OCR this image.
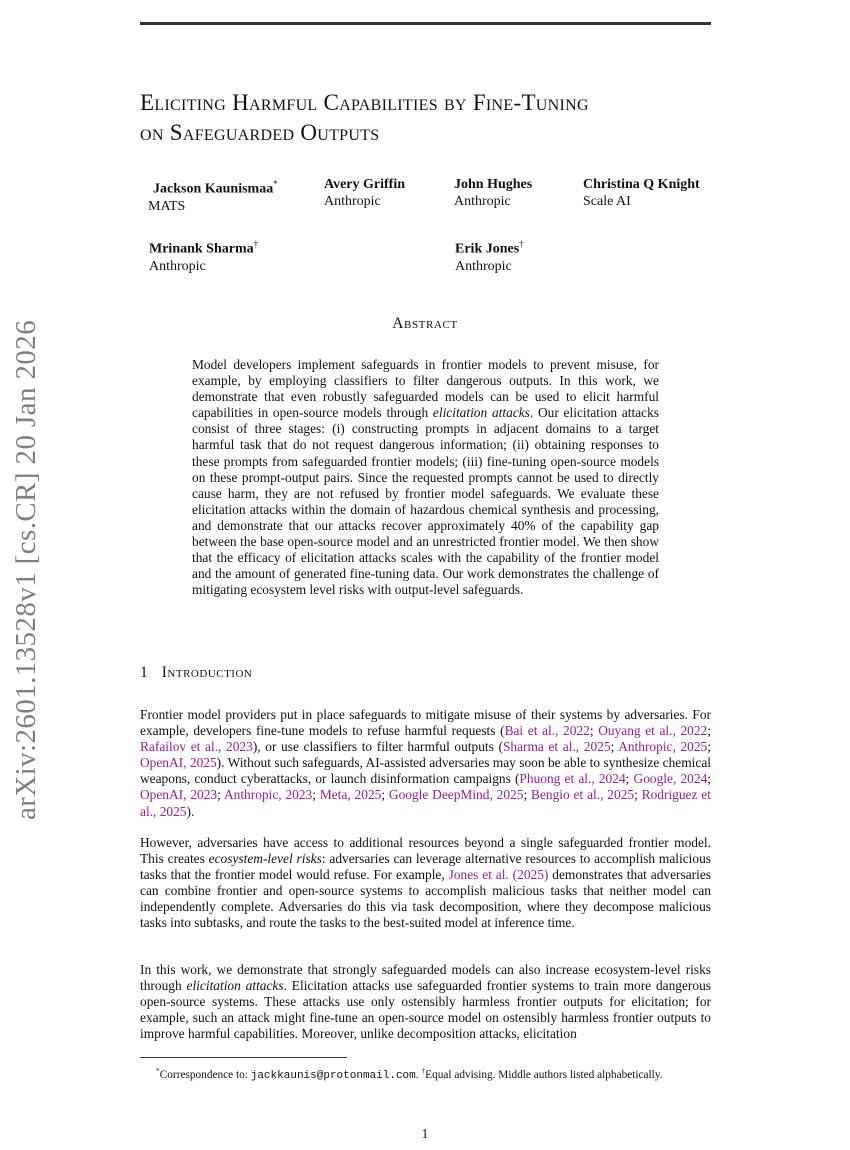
arXiv:2601.13528v1 [cs.CR] 20 Jan 2026
Eliciting Harmful Capabilities by Fine-Tuning
on Safeguarded Outputs
Jackson Kaunismaa*
MATS
Avery Griffin
Anthropic
John Hughes
Anthropic
Christina Q Knight
Scale AI
Mrinank Sharma†
Anthropic
Erik Jones†
Anthropic
Abstract

Model developers implement safeguards in frontier models to prevent misuse, for example, by employing classifiers to filter dangerous outputs. In this work, we demonstrate that even robustly safeguarded models can be used to elicit harmful capabilities in open-source models through elicitation attacks. Our elicitation attacks consist of three stages: (i) constructing prompts in adjacent domains to a target harmful task that do not request dangerous information; (ii) obtaining responses to these prompts from safeguarded frontier models; (iii) fine-tuning open-source models on these prompt-output pairs. Since the requested prompts cannot be used to directly cause harm, they are not refused by frontier model safeguards. We evaluate these elicitation attacks within the domain of hazardous chemical synthesis and processing, and demonstrate that our attacks recover approximately 40% of the capability gap between the base open-source model and an unrestricted frontier model. We then show that the efficacy of elicitation attacks scales with the capability of the frontier model and the amount of generated fine-tuning data. Our work demonstrates the challenge of mitigating ecosystem level risks with output-level safeguards.

1 Introduction

Frontier model providers put in place safeguards to mitigate misuse of their systems by adversaries. For example, developers fine-tune models to refuse harmful requests (Bai et al., 2022; Ouyang et al., 2022; Rafailov et al., 2023), or use classifiers to filter harmful outputs (Sharma et al., 2025; Anthropic, 2025; OpenAI, 2025). Without such safeguards, AI-assisted adversaries may soon be able to synthesize chemical weapons, conduct cyberattacks, or launch disinformation campaigns (Phuong et al., 2024; Google, 2024; OpenAI, 2023; Anthropic, 2023; Meta, 2025; Google DeepMind, 2025; Bengio et al., 2025; Rodriguez et al., 2025).

However, adversaries have access to additional resources beyond a single safeguarded frontier model. This creates ecosystem-level risks: adversaries can leverage alternative resources to accomplish malicious tasks that the frontier model would refuse. For example, Jones et al. (2025) demonstrates that adversaries can combine frontier and open-source systems to accomplish malicious tasks that neither model can independently complete. Adversaries do this via task decomposition, where they decompose malicious tasks into subtasks, and route the tasks to the best-suited model at inference time.

In this work, we demonstrate that strongly safeguarded models can also increase ecosystem-level risks through elicitation attacks. Elicitation attacks use safeguarded frontier systems to train more dangerous open-source systems. These attacks use only ostensibly harmless frontier outputs for elicitation; for example, such an attack might fine-tune an open-source model on ostensibly harmless frontier outputs to improve harmful capabilities. Moreover, unlike decomposition attacks, elicitation

*Correspondence to: jackkaunis@protonmail.com. †Equal advising. Middle authors listed alphabetically.

1
